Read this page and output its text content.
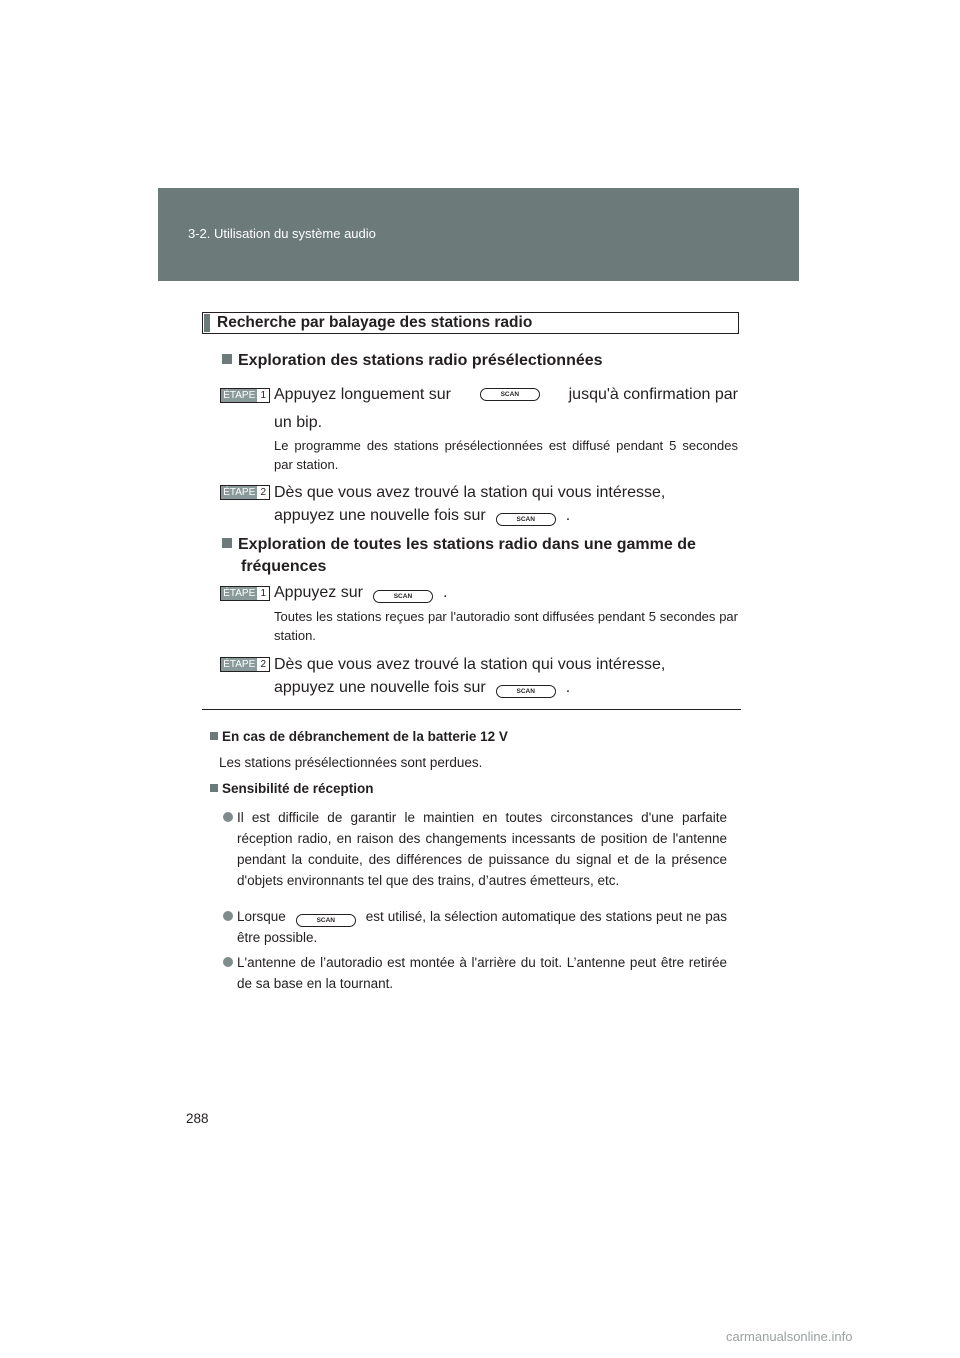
3-2. Utilisation du système audio
Recherche par balayage des stations radio
Exploration des stations radio présélectionnées
ÉTAPE 1 Appuyez longuement sur	SCAN	jusqu'à confirmation par
un bip.
Le programme des stations présélectionnées est diffusé pendant 5 secondes par station.
ÉTAPE 2 Dès que vous avez trouvé la station qui vous intéresse,
appuyez une nouvelle fois sur	SCAN .
Exploration de toutes les stations radio dans une gamme de
fréquences
ÉTAPE 1 Appuyez sur	SCAN .
Toutes les stations reçues par l'autoradio sont diffusées pendant 5 secondes par station.
ÉTAPE 2 Dès que vous avez trouvé la station qui vous intéresse,
appuyez une nouvelle fois sur	SCAN .
En cas de débranchement de la batterie 12 V
Les stations présélectionnées sont perdues.
Sensibilité de réception
Il est difficile de garantir le maintien en toutes circonstances d'une parfaite réception radio, en raison des changements incessants de position de l'antenne pendant la conduite, des différences de puissance du signal et de la présence d'objets environnants tel que des trains, d’autres émetteurs, etc.
Lorsque	SCAN est utilisé, la sélection automatique des stations peut ne pas être possible.
L'antenne de l’autoradio est montée à l'arrière du toit. L’antenne peut être retirée de sa base en la tournant.
288
carmanualsonline.info
